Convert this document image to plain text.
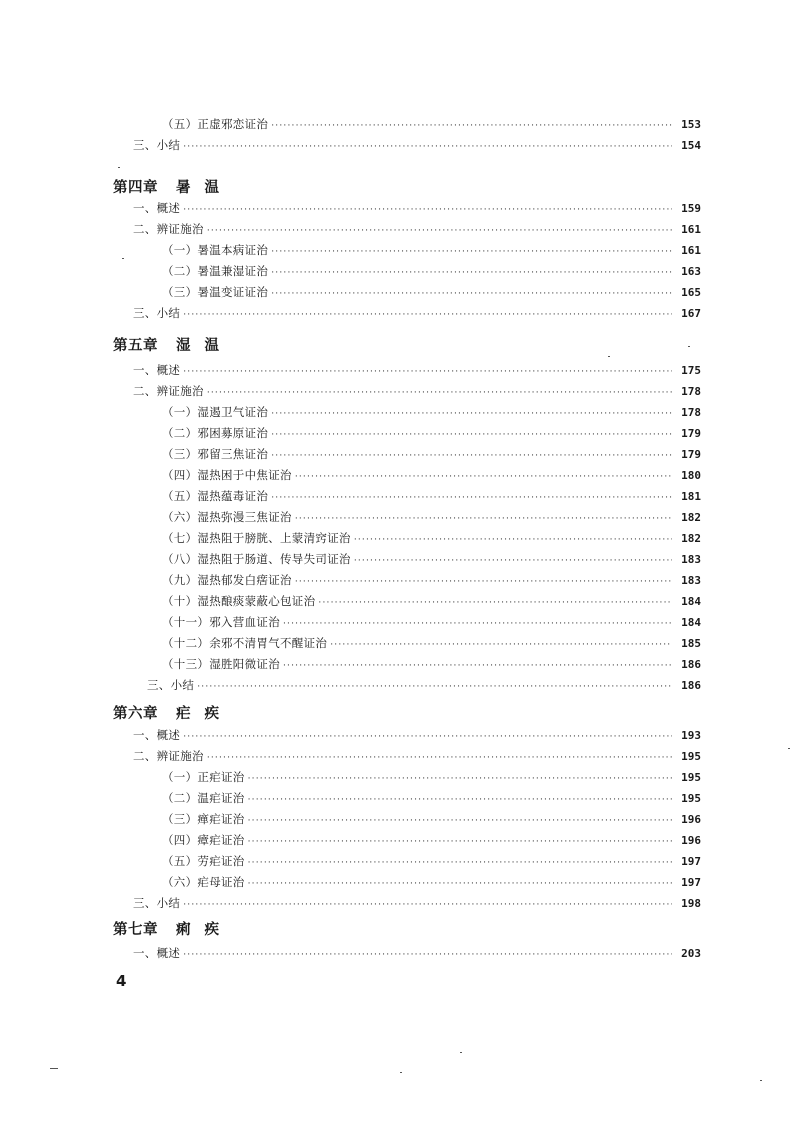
（五）正虚邪恋证治 ·····	153
三、小结 ·····	154
第四章 暑温
一、概述 ·····	159
二、辨证施治 ·····	161
（一）暑温本病证治 ·····	161
（二）暑温兼湿证治 ·····	163
（三）暑温变证证治 ·····	165
三、小结 ·····	167
第五章 湿温
一、概述 ·····	175
二、辨证施治 ·····	178
（一）湿遏卫气证治 ·····	178
（二）邪困募原证治 ·····	179
（三）邪留三焦证治 ·····	179
（四）湿热困于中焦证治 ·····	180
（五）湿热蕴毒证治 ·····	181
（六）湿热弥漫三焦证治 ·····	182
（七）湿热阻于膀胱、上蒙清窍证治 ·····	182
（八）湿热阻于肠道、传导失司证治 ·····	183
（九）湿热郁发白瘔证治 ·····	183
（十）湿热酿痰蒙蔽心包证治 ·····	184
（十一）邪入营血证治 ·····	184
（十二）余邪不清胃气不醒证治 ·····	185
（十三）湿胜阳微证治 ·····	186
三、小结 ·····	186
第六章 疟疾
一、概述 ·····	193
二、辨证施治 ·····	195
（一）正疟证治 ·····	195
（二）温疟证治 ·····	195
（三）瘅疟证治 ·····	196
（四）瘴疟证治 ·····	196
（五）劳疟证治 ·····	197
（六）疟母证治 ·····	197
三、小结 ·····	198
第七章 痢疾
一、概述 ·····	203
4
